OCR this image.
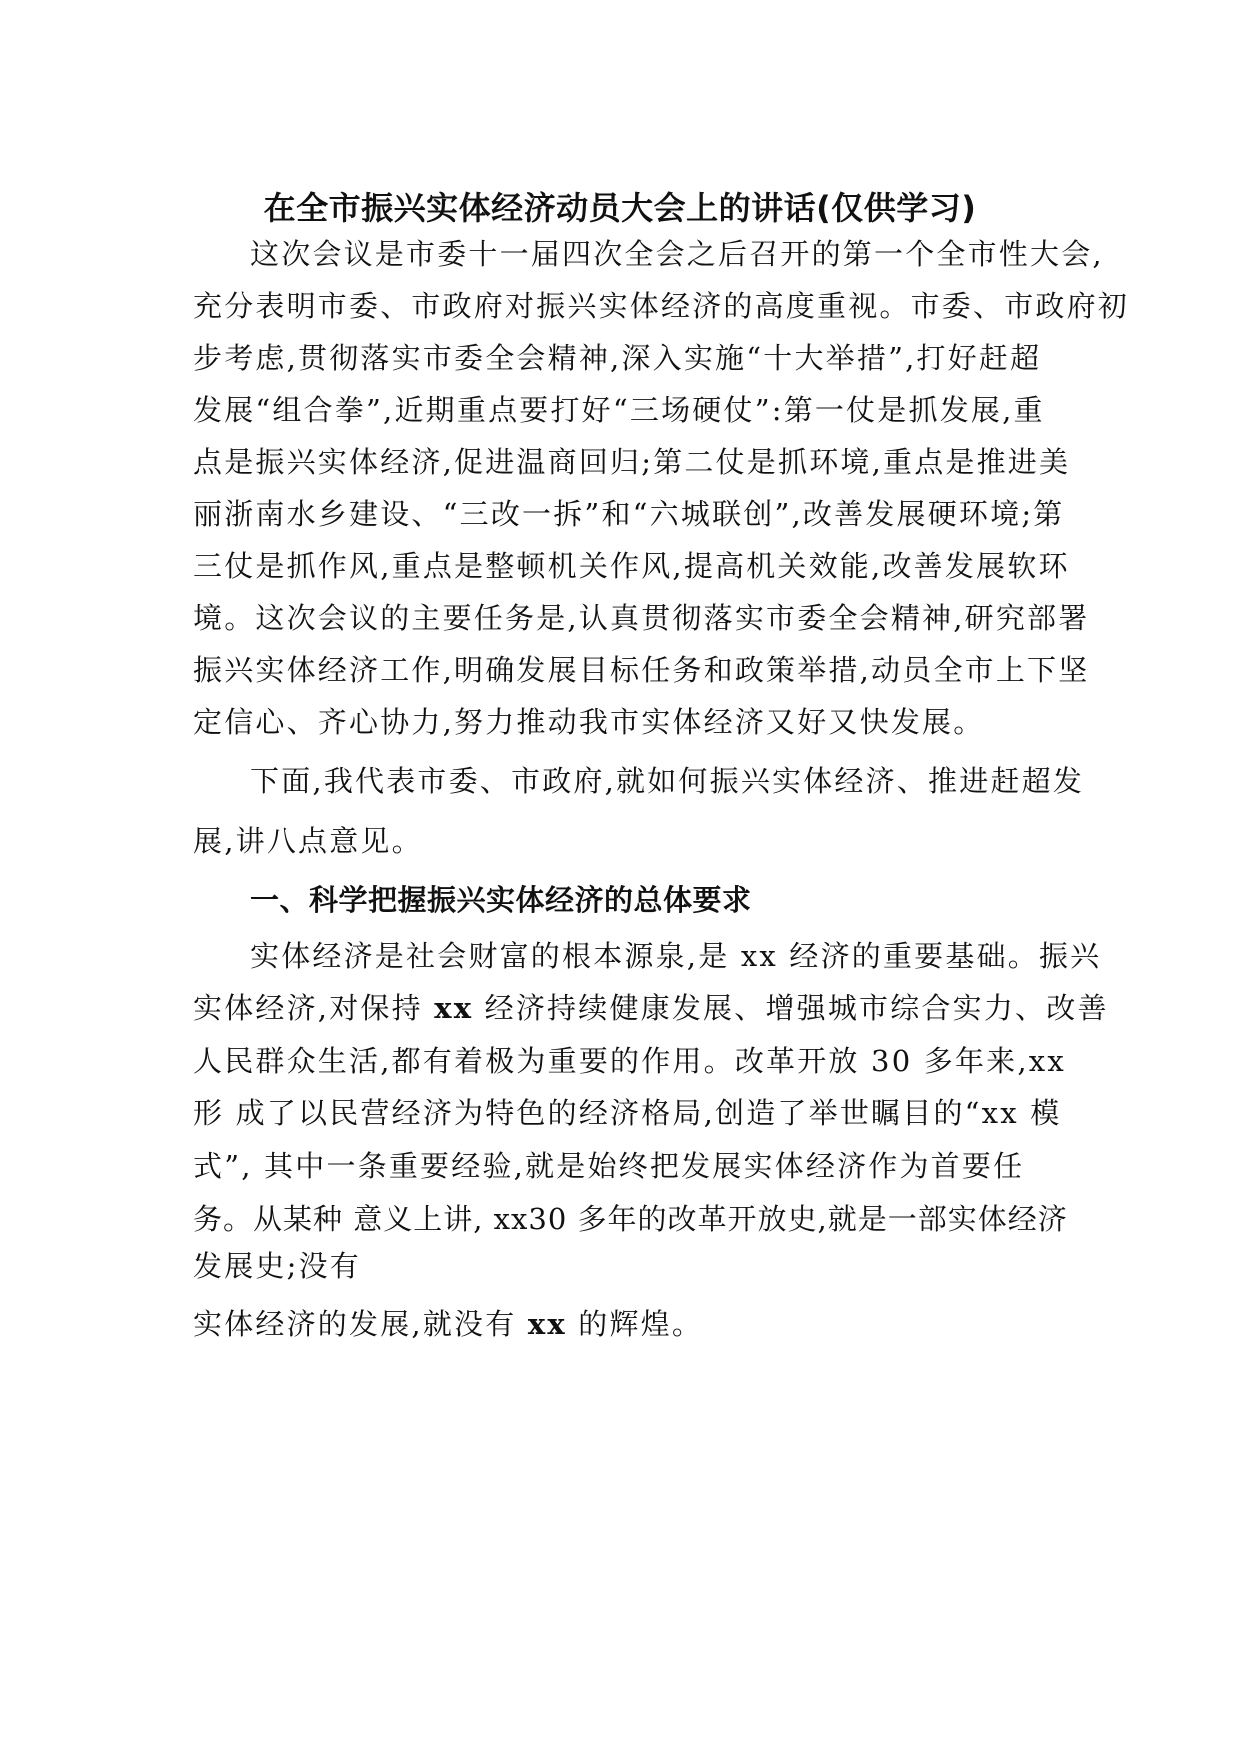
在全市振兴实体经济动员大会上的讲话(仅供学习)
这次会议是市委十一届四次全会之后召开的第一个全市性大会,
充分表明市委、市政府对振兴实体经济的高度重视。市委、市政府初
步考虑,贯彻落实市委全会精神,深入实施“十大举措”,打好赶超
发展“组合拳”,近期重点要打好“三场硬仗”:第一仗是抓发展,重
点是振兴实体经济,促进温商回归;第二仗是抓环境,重点是推进美
丽浙南水乡建设、“三改一拆”和“六城联创”,改善发展硬环境;第
三仗是抓作风,重点是整顿机关作风,提高机关效能,改善发展软环
境。这次会议的主要任务是,认真贯彻落实市委全会精神,研究部署
振兴实体经济工作,明确发展目标任务和政策举措,动员全市上下坚
定信心、齐心协力,努力推动我市实体经济又好又快发展。
下面,我代表市委、市政府,就如何振兴实体经济、推进赶超发
展,讲八点意见。
一、科学把握振兴实体经济的总体要求
实体经济是社会财富的根本源泉,是 xx 经济的重要基础。振兴
实体经济,对保持 xx 经济持续健康发展、增强城市综合实力、改善
人民群众生活,都有着极为重要的作用。改革开放 30 多年来,xx
形 成了以民营经济为特色的经济格局,创造了举世瞩目的“xx 模
式”, 其中一条重要经验,就是始终把发展实体经济作为首要任
务。从某种 意义上讲, xx30 多年的改革开放史,就是一部实体经济
发展史;没有
实体经济的发展,就没有 xx 的辉煌。
